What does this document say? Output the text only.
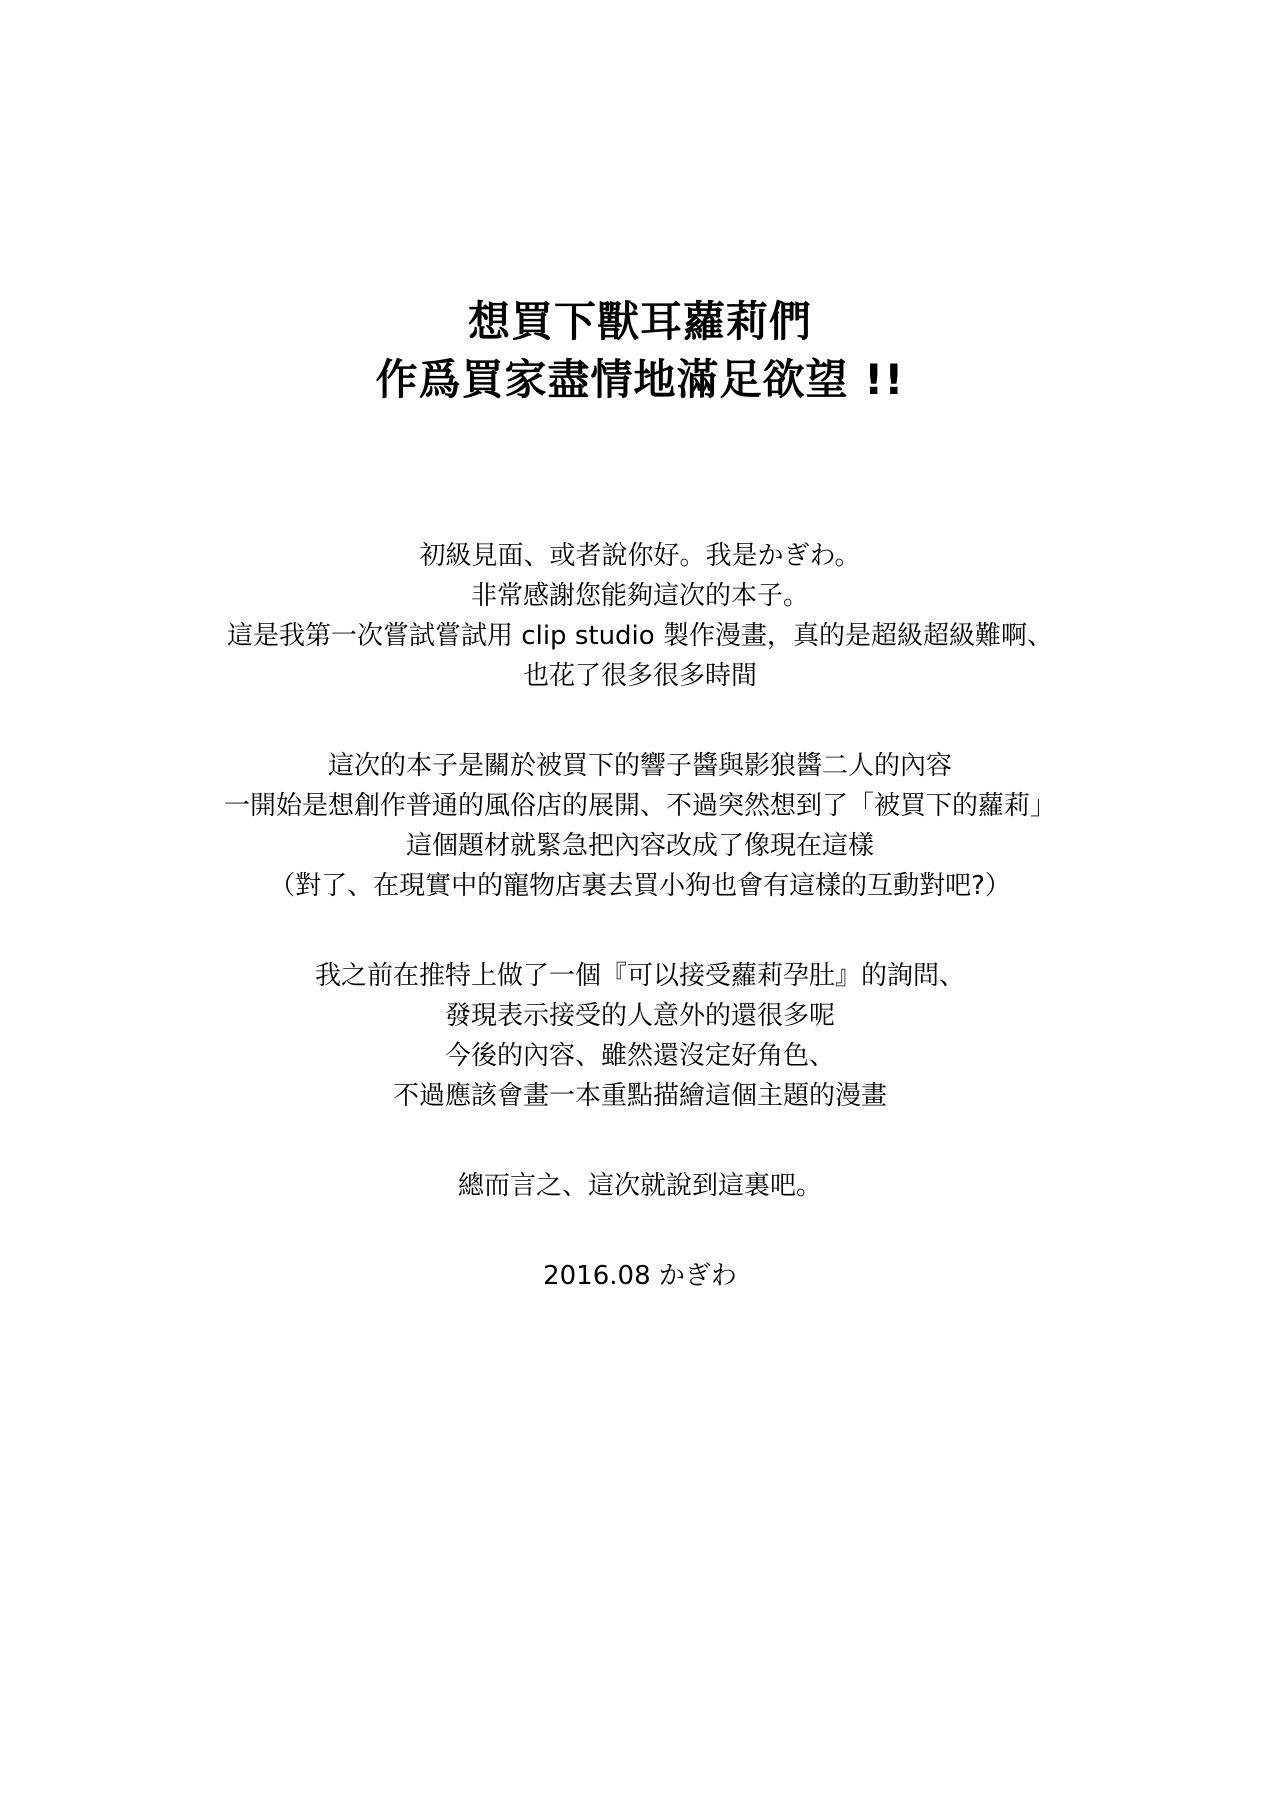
想買下獸耳蘿莉們
作爲買家盡情地滿足欲望 !!
初級見面、或者說你好。我是かぎわ。
非常感謝您能夠這次的本子。
這是我第一次嘗試嘗試用 clip studio 製作漫畫，真的是超級超級難啊、
也花了很多很多時間
這次的本子是關於被買下的響子醬與影狼醬二人的內容
一開始是想創作普通的風俗店的展開、不過突然想到了「被買下的蘿莉」
這個題材就緊急把內容改成了像現在這樣
（對了、在現實中的寵物店裏去買小狗也會有這樣的互動對吧?）
我之前在推特上做了一個『可以接受蘿莉孕肚』的詢問、
發現表示接受的人意外的還很多呢
今後的內容、雖然還沒定好角色、
不過應該會畫一本重點描繪這個主題的漫畫
總而言之、這次就說到這裏吧。
2016.08 かぎわ
